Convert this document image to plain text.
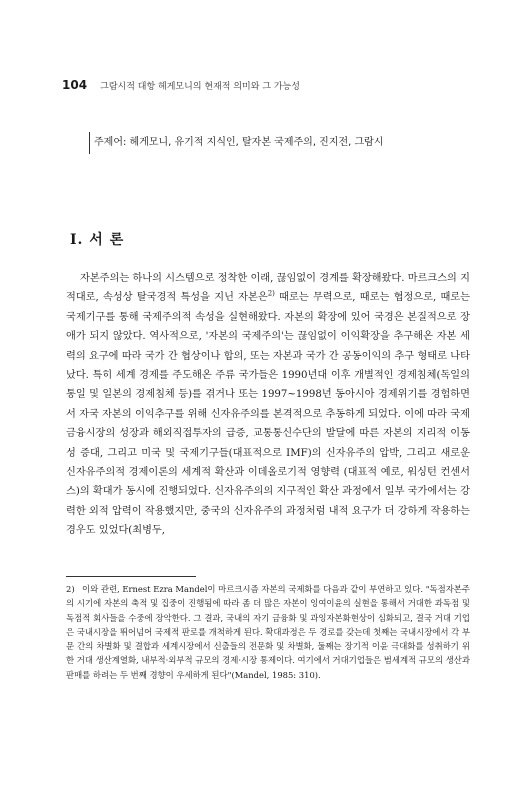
104 그람시적 대항 헤게모니의 현재적 의미와 그 가능성
주제어: 헤게모니, 유기적 지식인, 탈자본 국제주의, 진지전, 그람시
Ⅰ. 서 론

자본주의는 하나의 시스템으로 정착한 이래, 끊임없이 경계를 확장해왔다. 마르크스의 지적대로, 속성상 탈국경적 특성을 지닌 자본은$^{2)}$ 때로는 무력으로, 때로는 협정으로, 때로는 국제기구를 통해 국제주의적 속성을 실현해왔다. 자본의 확장에 있어 국경은 본질적으로 장애가 되지 않았다. 역사적으로, '자본의 국제주의'는 끊임없이 이익확장을 추구해온 자본 세력의 요구에 따라 국가 간 협상이나 합의, 또는 자본과 국가 간 공동이익의 추구 형태로 나타났다. 특히 세계 경제를 주도해온 주류 국가들은 1990년대 이후 개별적인 경제침체(독일의 통일 및 일본의 경제침체 등)를 겪거나 또는 1997~1998년 동아시아 경제위기를 경험하면서 자국 자본의 이익추구를 위해 신자유주의를 본격적으로 추동하게 되었다. 이에 따라 국제금융시장의 성장과 해외직접투자의 급증, 교통통신수단의 발달에 따른 자본의 지리적 이동성 증대, 그리고 미국 및 국제기구들(대표적으로 IMF)의 신자유주의 압박, 그리고 새로운 신자유주의적 경제이론의 세계적 확산과 이데올로기적 영향력 (대표적 예로, 워싱턴 컨센서스)의 확대가 동시에 진행되었다. 신자유주의의 지구적인 확산 과정에서 일부 국가에서는 강력한 외적 압력이 작용했지만, 중국의 신자유주의 과정처럼 내적 요구가 더 강하게 작용하는 경우도 있었다(최병두,

2) 이와 관련, Ernest Ezra Mandel이 마르크시즘 자본의 국제화를 다음과 같이 부연하고 있다. "독점자본주의 시기에 자본의 축적 및 집중이 진행됨에 따라 좀 더 많은 자본이 잉여이윤의 실현을 통해서 거대한 과독점 및 독점적 회사들을 수중에 장악한다. 그 결과, 국내의 자기 금융화 및 과잉자본화현상이 심화되고, 결국 거대 기업은 국내시장을 뛰어넘어 국제적 판로를 개척하게 된다. 확대과정은 두 경로를 갖는데 첫째는 국내시장에서 각 부문 간의 차별화 및 결합과 세계시장에서 신출들의 전문화 및 차별화, 둘째는 장기적 이윤 극대화를 성취하기 위한 거대 생산계열화, 내부적·외부적 규모의 경제·시장 통제이다. 여기에서 거대기업들은 범세계적 규모의 생산과 판매를 하려는 두 번째 경향이 우세하게 된다"(Mandel, 1985: 310).
